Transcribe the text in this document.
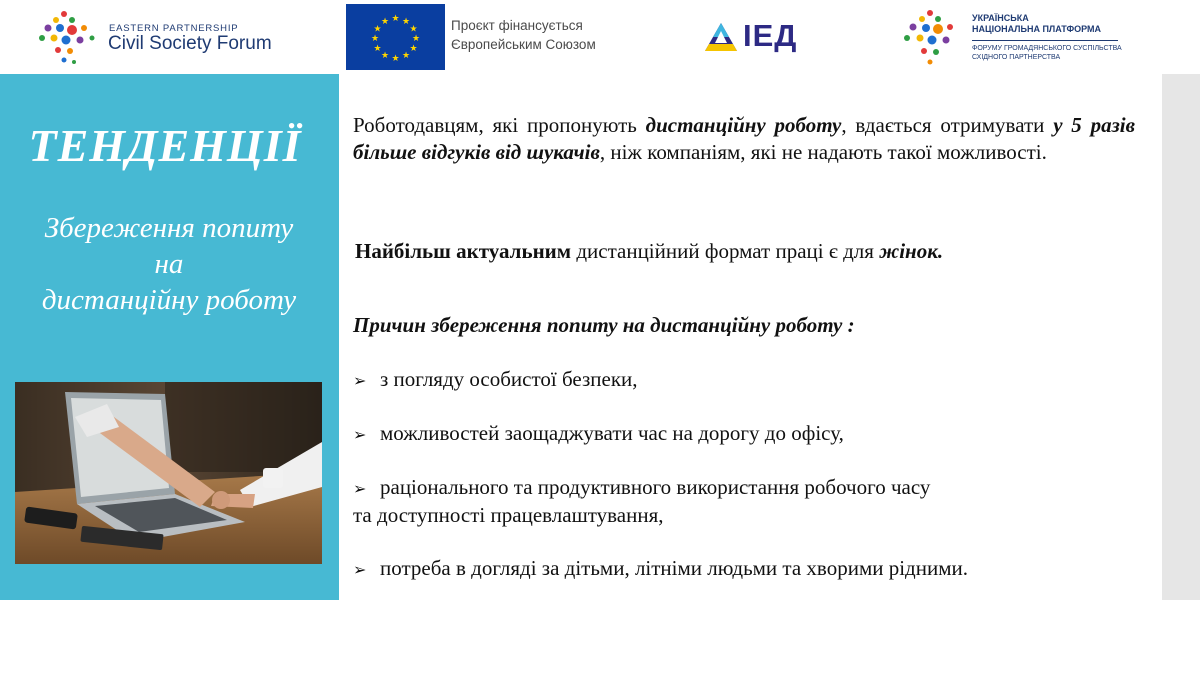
EASTERN PARTNERSHIP
Civil Society Forum
★ ★
★
★
★
★
★
★
★
★
★
★	Проєкт фінансується
Європейським Союзом	ІЕД	УКРАЇНСЬКА
НАЦІОНАЛЬНА ПЛАТФОРМА
ФОРУМУ ГРОМАДЯНСЬКОГО СУСПІЛЬСТВА
СХІДНОГО ПАРТНЕРСТВА
ТЕНДЕНЦІЇ
Збереження попиту
на
дистанційну роботу

Роботодавцям, які пропонують дистанційну роботу, вдається отримувати у 5 разів більше відгуків від шукачів, ніж компаніям, які не надають такої можливості.

Найбільш актуальним дистанційний формат праці є для жінок.

Причин збереження попиту на дистанційну роботу :
➢ з погляду особистої безпеки,
➢ можливостей заощаджувати час на дорогу до офісу,
➢ раціонального та продуктивного використання робочого часу
та доступності працевлаштування,
➢ потреба в догляді за дітьми, літніми людьми та хворими рідними.
